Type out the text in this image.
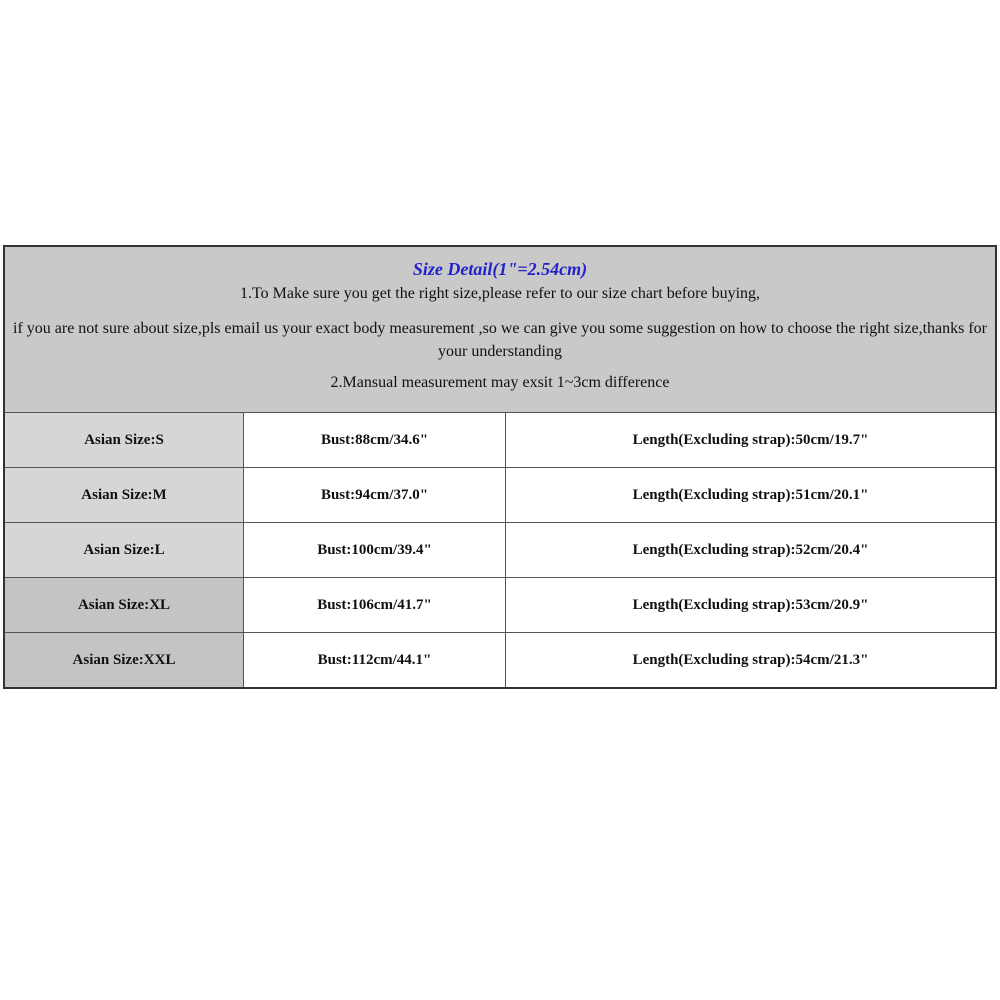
Size Detail(1"=2.54cm)
1.To Make sure you get the right size,please refer to our size chart before buying,
if you are not sure about size,pls email us your exact body measurement ,so we can give you some suggestion on how to choose the right size,thanks for your understanding
2.Mansual measurement may exsit 1~3cm difference
Asian Size:S	Bust:88cm/34.6"	Length(Excluding strap):50cm/19.7"
Asian Size:M	Bust:94cm/37.0"	Length(Excluding strap):51cm/20.1"
Asian Size:L	Bust:100cm/39.4"	Length(Excluding strap):52cm/20.4"
Asian Size:XL	Bust:106cm/41.7"	Length(Excluding strap):53cm/20.9"
Asian Size:XXL	Bust:112cm/44.1"	Length(Excluding strap):54cm/21.3"
